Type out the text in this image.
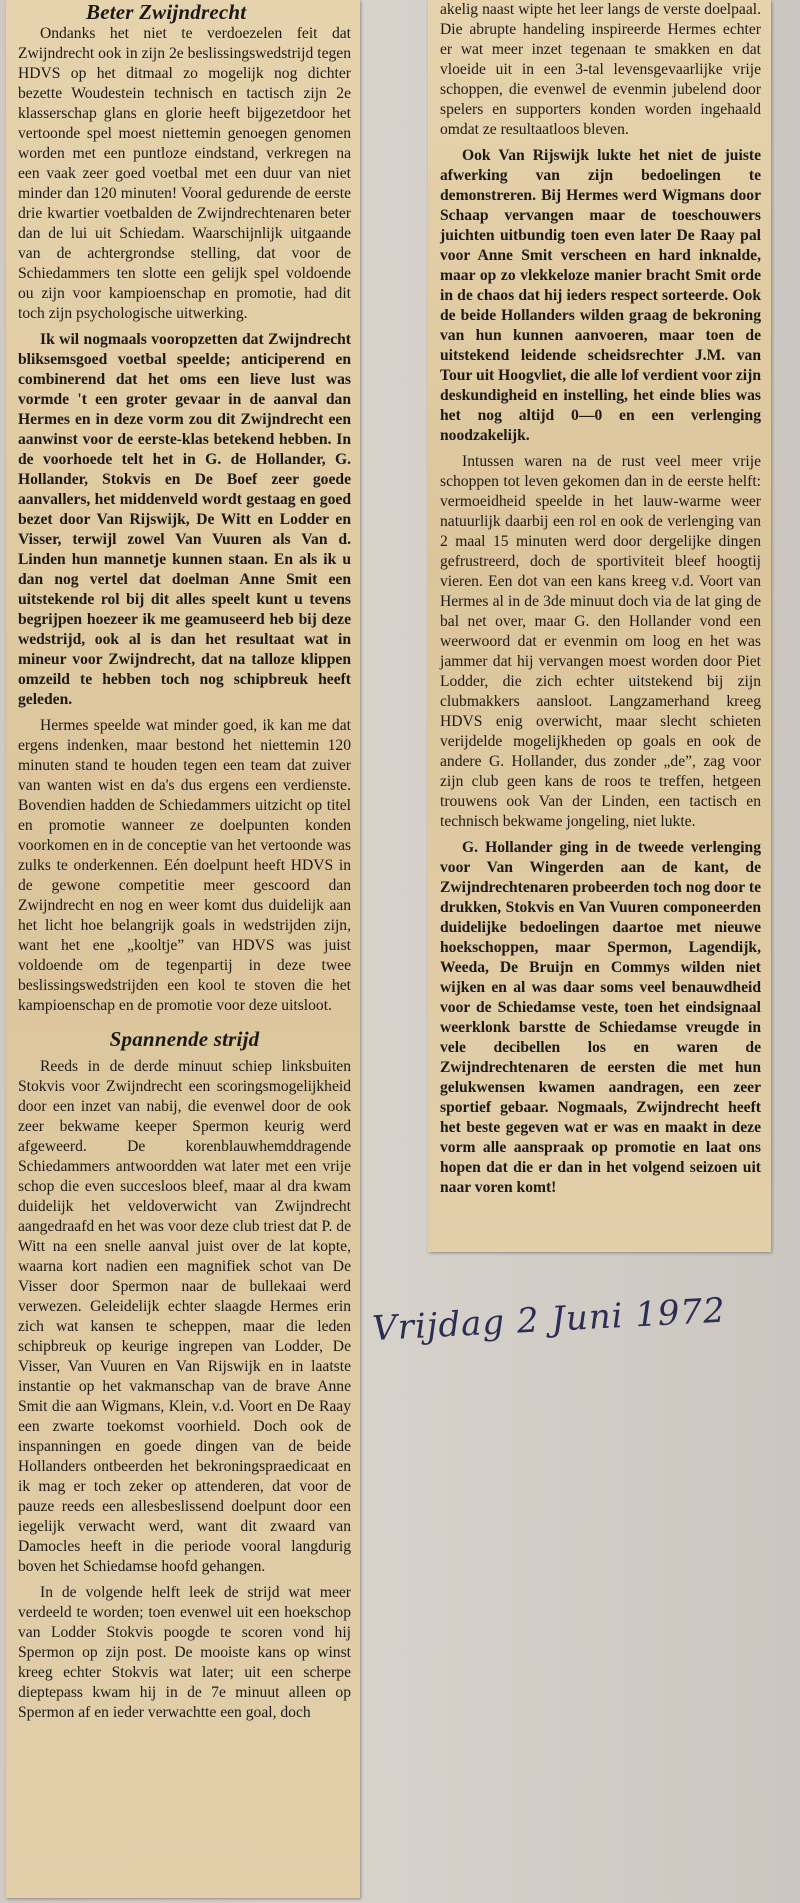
Beter Zwijndrecht

Ondanks het niet te verdoezelen feit dat Zwijndrecht ook in zijn 2e beslissingswedstrijd tegen HDVS op het ditmaal zo mogelijk nog dichter bezette Woudestein technisch en tactisch zijn 2e klasserschap glans en glorie heeft bijgezetdoor het vertoonde spel moest niettemin genoegen genomen worden met een puntloze eindstand, verkregen na een vaak zeer goed voetbal met een duur van niet minder dan 120 minuten! Vooral gedurende de eerste drie kwartier voetbalden de Zwijndrechtenaren beter dan de lui uit Schiedam. Waarschijnlijk uitgaande van de achtergrondse stelling, dat voor de Schiedammers ten slotte een gelijk spel voldoende ou zijn voor kampioenschap en promotie, had dit toch zijn psychologische uitwerking.

Ik wil nogmaals vooropzetten dat Zwijndrecht bliksemsgoed voetbal speelde; anticiperend en combinerend dat het oms een lieve lust was vormde 't een groter gevaar in de aanval dan Hermes en in deze vorm zou dit Zwijndrecht een aanwinst voor de eerste-klas betekend hebben. In de voorhoede telt het in G. de Hollander, G. Hollander, Stokvis en De Boef zeer goede aanvallers, het middenveld wordt gestaag en goed bezet door Van Rijswijk, De Witt en Lodder en Visser, terwijl zowel Van Vuuren als Van d. Linden hun mannetje kunnen staan. En als ik u dan nog vertel dat doelman Anne Smit een uitstekende rol bij dit alles speelt kunt u tevens begrijpen hoezeer ik me geamuseerd heb bij deze wedstrijd, ook al is dan het resultaat wat in mineur voor Zwijndrecht, dat na talloze klippen omzeild te hebben toch nog schipbreuk heeft geleden.

Hermes speelde wat minder goed, ik kan me dat ergens indenken, maar bestond het niettemin 120 minuten stand te houden tegen een team dat zuiver van wanten wist en da's dus ergens een verdienste. Bovendien hadden de Schiedammers uitzicht op titel en promotie wanneer ze doelpunten konden voorkomen en in de conceptie van het vertoonde was zulks te onderkennen. Eén doelpunt heeft HDVS in de gewone competitie meer gescoord dan Zwijndrecht en nog en weer komt dus duidelijk aan het licht hoe belangrijk goals in wedstrijden zijn, want het ene „kooltje” van HDVS was juist voldoende om de tegenpartij in deze twee beslissingswedstrijden een kool te stoven die het kampioenschap en de promotie voor deze uitsloot.

Spannende strijd

Reeds in de derde minuut schiep linksbuiten Stokvis voor Zwijndrecht een scoringsmogelijkheid door een inzet van nabij, die evenwel door de ook zeer bekwame keeper Spermon keurig werd afgeweerd. De korenblauwhemddragende Schiedammers antwoordden wat later met een vrije schop die even succesloos bleef, maar al dra kwam duidelijk het veldoverwicht van Zwijndrecht aangedraafd en het was voor deze club triest dat P. de Witt na een snelle aanval juist over de lat kopte, waarna kort nadien een magnifiek schot van De Visser door Spermon naar de bullekaai werd verwezen. Geleidelijk echter slaagde Hermes erin zich wat kansen te scheppen, maar die leden schipbreuk op keurige ingrepen van Lodder, De Visser, Van Vuuren en Van Rijswijk en in laatste instantie op het vakmanschap van de brave Anne Smit die aan Wigmans, Klein, v.d. Voort en De Raay een zwarte toekomst voorhield. Doch ook de inspanningen en goede dingen van de beide Hollanders ontbeerden het bekroningspraedicaat en ik mag er toch zeker op attenderen, dat voor de pauze reeds een allesbeslissend doelpunt door een iegelijk verwacht werd, want dit zwaard van Damocles heeft in die periode vooral langdurig boven het Schiedamse hoofd gehangen.

In de volgende helft leek de strijd wat meer verdeeld te worden; toen evenwel uit een hoekschop van Lodder Stokvis poogde te scoren vond hij Spermon op zijn post. De mooiste kans op winst kreeg echter Stokvis wat later; uit een scherpe dieptepass kwam hij in de 7e minuut alleen op Spermon af en ieder verwachtte een goal, doch

akelig naast wipte het leer langs de verste doelpaal. Die abrupte handeling inspireerde Hermes echter er wat meer inzet tegenaan te smakken en dat vloeide uit in een 3-tal levensgevaarlijke vrije schoppen, die evenwel de evenmin jubelend door spelers en supporters konden worden ingehaald omdat ze resultaatloos bleven.

Ook Van Rijswijk lukte het niet de juiste afwerking van zijn bedoelingen te demonstreren. Bij Hermes werd Wigmans door Schaap vervangen maar de toeschouwers juichten uitbundig toen even later De Raay pal voor Anne Smit verscheen en hard inknalde, maar op zo vlekkeloze manier bracht Smit orde in de chaos dat hij ieders respect sorteerde. Ook de beide Hollanders wilden graag de bekroning van hun kunnen aanvoeren, maar toen de uitstekend leidende scheidsrechter J.M. van Tour uit Hoogvliet, die alle lof verdient voor zijn deskundigheid en instelling, het einde blies was het nog altijd 0—0 en een verlenging noodzakelijk.

Intussen waren na de rust veel meer vrije schoppen tot leven gekomen dan in de eerste helft: vermoeidheid speelde in het lauw-warme weer natuurlijk daarbij een rol en ook de verlenging van 2 maal 15 minuten werd door dergelijke dingen gefrustreerd, doch de sportiviteit bleef hoogtij vieren. Een dot van een kans kreeg v.d. Voort van Hermes al in de 3de minuut doch via de lat ging de bal net over, maar G. den Hollander vond een weerwoord dat er evenmin om loog en het was jammer dat hij vervangen moest worden door Piet Lodder, die zich echter uitstekend bij zijn clubmakkers aansloot. Langzamerhand kreeg HDVS enig overwicht, maar slecht schieten verijdelde mogelijkheden op goals en ook de andere G. Hollander, dus zonder „de”, zag voor zijn club geen kans de roos te treffen, hetgeen trouwens ook Van der Linden, een tactisch en technisch bekwame jongeling, niet lukte.

G. Hollander ging in de tweede verlenging voor Van Wingerden aan de kant, de Zwijndrechtenaren probeerden toch nog door te drukken, Stokvis en Van Vuuren componeerden duidelijke bedoelingen daartoe met nieuwe hoekschoppen, maar Spermon, Lagendijk, Weeda, De Bruijn en Commys wilden niet wijken en al was daar soms veel benauwdheid voor de Schiedamse veste, toen het eindsignaal weerklonk barstte de Schiedamse vreugde in vele decibellen los en waren de Zwijndrechtenaren de eersten die met hun gelukwensen kwamen aandragen, een zeer sportief gebaar. Nogmaals, Zwijndrecht heeft het beste gegeven wat er was en maakt in deze vorm alle aanspraak op promotie en laat ons hopen dat die er dan in het volgend seizoen uit naar voren komt!

Vrijdag 2 Juni 1972
